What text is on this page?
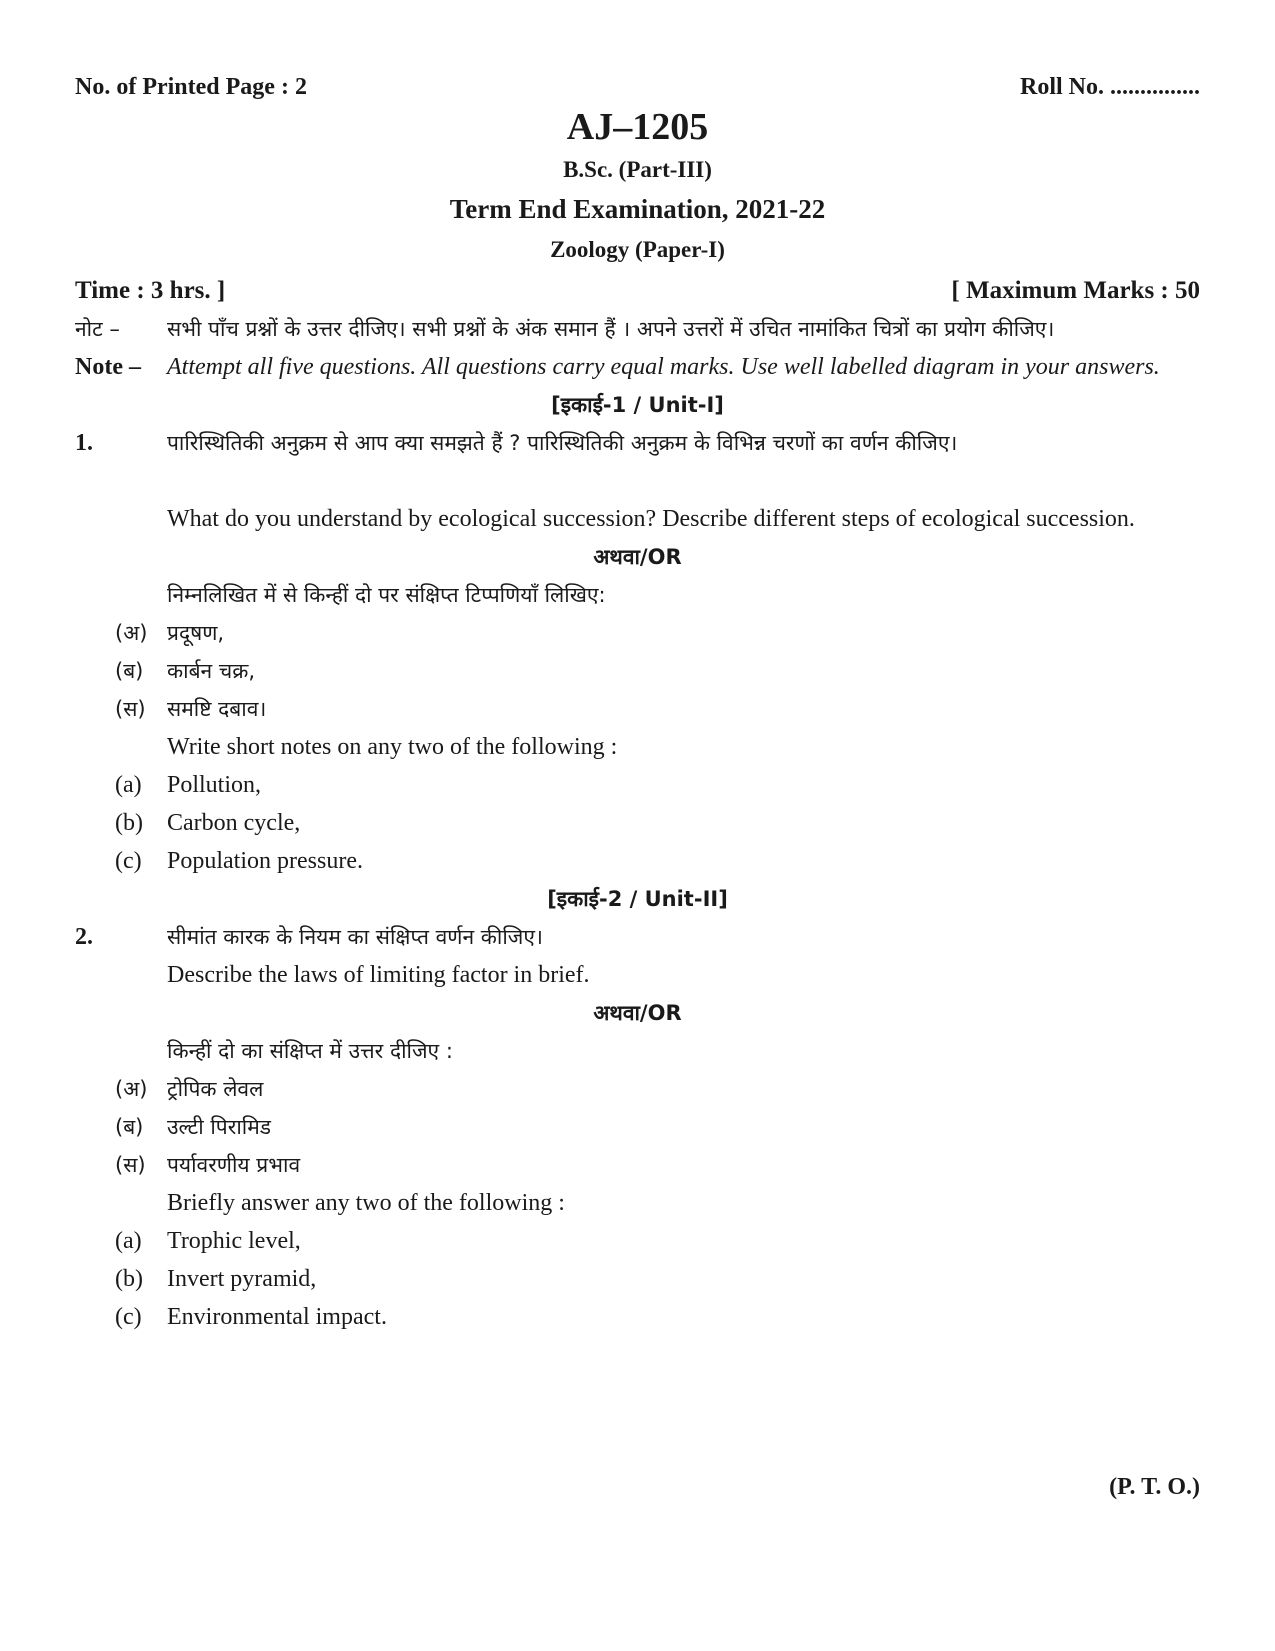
No. of Printed Page : 2	Roll No. ...............
AJ–1205
B.Sc. (Part-III)
Term End Examination, 2021-22
Zoology (Paper-I)
Time : 3 hrs. ]	[ Maximum Marks : 50
नोट –	सभी पाँच प्रश्नों के उत्तर दीजिए। सभी प्रश्नों के अंक समान हैं । अपने उत्तरों में उचित नामांकित चित्रों का प्रयोग कीजिए।
Note –	Attempt all five questions. All questions carry equal marks. Use well labelled diagram in your answers.
[इकाई-1 / Unit-I]
1.	पारिस्थितिकी अनुक्रम से आप क्या समझते हैं ? पारिस्थितिकी अनुक्रम के विभिन्न चरणों का वर्णन कीजिए।
What do you understand by ecological succession? Describe different steps of ecological succession.
अथवा/OR
निम्नलिखित में से किन्हीं दो पर संक्षिप्त टिप्पणियाँ लिखिए:
(अ) प्रदूषण,
(ब)	कार्बन चक्र,
(स)	समष्टि दबाव।
Write short notes on any two of the following :
(a)	Pollution,
(b)	Carbon cycle,
(c)	Population pressure.
[इकाई-2 / Unit-II]
2.	सीमांत कारक के नियम का संक्षिप्त वर्णन कीजिए।
Describe the laws of limiting factor in brief.
अथवा/OR
किन्हीं दो का संक्षिप्त में उत्तर दीजिए :
(अ) ट्रोपिक लेवल
(ब)	उल्टी पिरामिड
(स)	पर्यावरणीय प्रभाव
Briefly answer any two of the following :
(a)	Trophic level,
(b)	Invert pyramid,
(c)	Environmental impact.
(P. T. O.)
